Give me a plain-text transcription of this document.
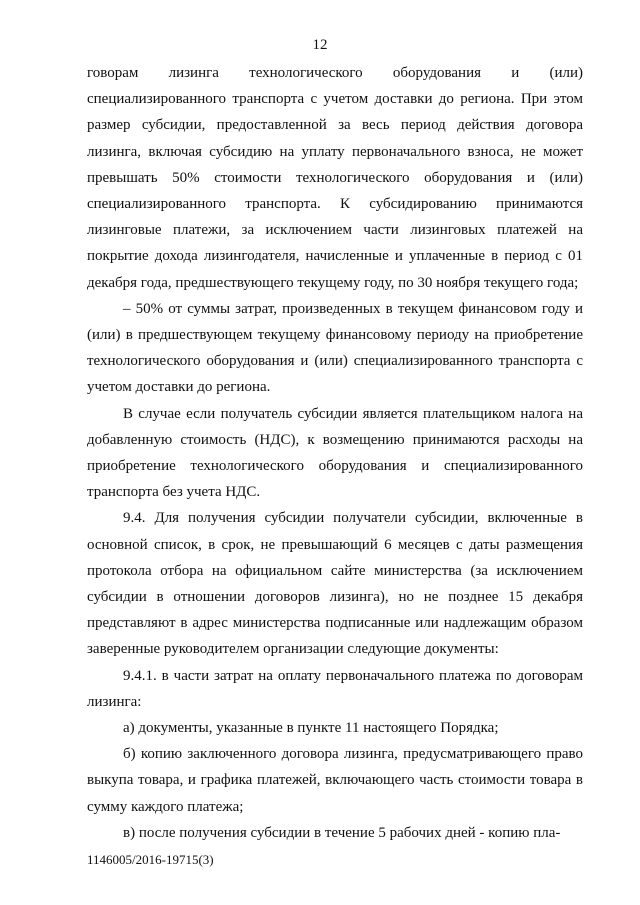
12

говорам лизинга технологического оборудования и (или) специализированного транспорта с учетом доставки до региона. При этом размер субсидии, предоставленной за весь период действия договора лизинга, включая субсидию на уплату первоначального взноса, не может превышать 50% стоимости технологического оборудования и (или) специализированного транспорта. К субсидированию принимаются лизинговые платежи, за исключением части лизинговых платежей на покрытие дохода лизингодателя, начисленные и уплаченные в период с 01 декабря года, предшествующего текущему году, по 30 ноября текущего года;

– 50% от суммы затрат, произведенных в текущем финансовом году и (или) в предшествующем текущему финансовому периоду на приобретение технологического оборудования и (или) специализированного транспорта с учетом доставки до региона.

В случае если получатель субсидии является плательщиком налога на добавленную стоимость (НДС), к возмещению принимаются расходы на приобретение технологического оборудования и специализированного транспорта без учета НДС.

9.4. Для получения субсидии получатели субсидии, включенные в основной список, в срок, не превышающий 6 месяцев с даты размещения протокола отбора на официальном сайте министерства (за исключением субсидии в отношении договоров лизинга), но не позднее 15 декабря представляют в адрес министерства подписанные или надлежащим образом заверенные руководителем организации следующие документы:

9.4.1. в части затрат на оплату первоначального платежа по договорам лизинга:

а) документы, указанные в пункте 11 настоящего Порядка;

б) копию заключенного договора лизинга, предусматривающего право выкупа товара, и графика платежей, включающего часть стоимости товара в сумму каждого платежа;

в) после получения субсидии в течение 5 рабочих дней - копию пла-

1146005/2016-19715(3)
